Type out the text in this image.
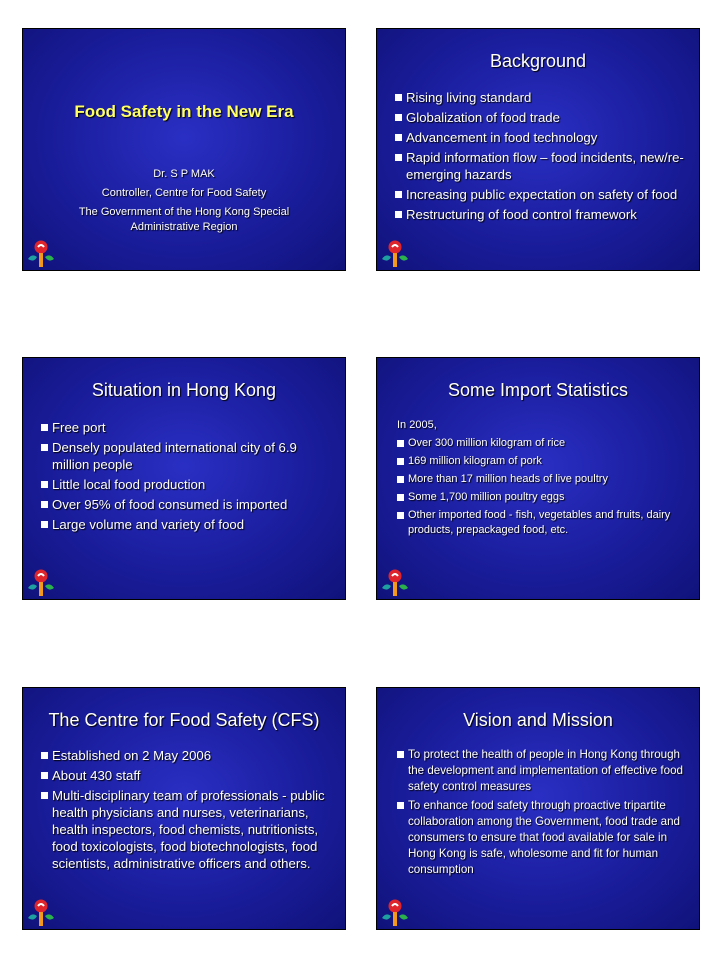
Food Safety in the New Era
Dr. S P MAK
Controller, Centre for Food Safety
The Government of the Hong Kong Special
Administrative Region
Background
Rising living standard
Globalization of food trade
Advancement in food technology
Rapid information flow – food incidents, new/re-emerging hazards
Increasing public expectation on safety of food
Restructuring of food control framework
Situation in Hong Kong
Free port
Densely populated international city of 6.9 million people
Little local food production
Over 95% of food consumed is imported
Large volume and variety of food
Some Import Statistics
In 2005,
Over 300 million kilogram of rice
169 million kilogram of pork
More than 17 million heads of live poultry
Some 1,700 million poultry eggs
Other imported food - fish, vegetables and fruits, dairy products, prepackaged food, etc.
The Centre for Food Safety (CFS)
Established on 2 May 2006
About 430 staff
Multi-disciplinary team of professionals - public health physicians and nurses, veterinarians, health inspectors, food chemists, nutritionists, food toxicologists, food biotechnologists, food scientists, administrative officers and others.
Vision and Mission
To protect the health of people in Hong Kong through the development and implementation of effective food safety control measures
To enhance food safety through proactive tripartite collaboration among the Government, food trade and consumers to ensure that food available for sale in Hong Kong is safe, wholesome and fit for human consumption
